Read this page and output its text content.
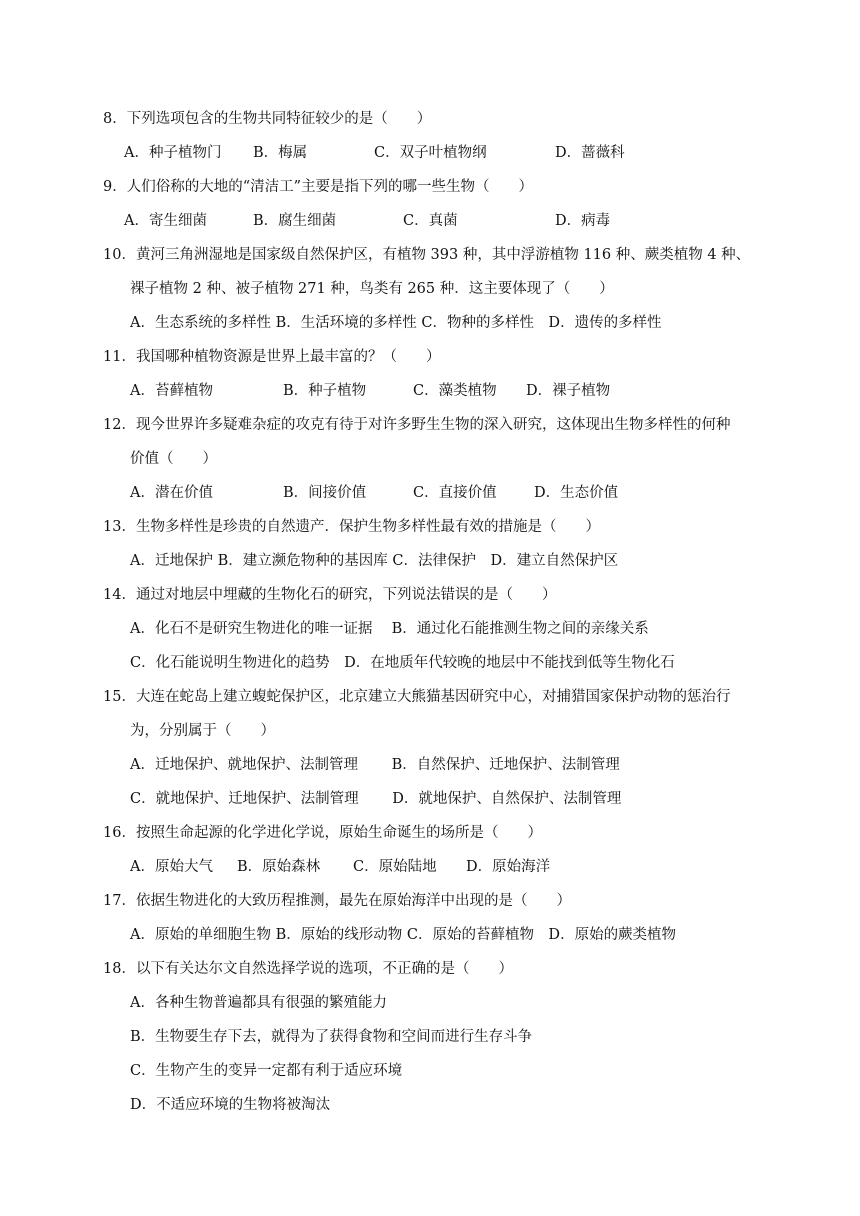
8．下列选项包含的生物共同特征较少的是（　　）
A．种子植物门 B．梅属	C．双子叶植物纲	D．蔷薇科
9．人们俗称的大地的“清洁工”主要是指下列的哪一些生物（　　）
A．寄生细菌	B．腐生细菌	C．真菌	D．病毒
10．黄河三角洲湿地是国家级自然保护区，有植物 393 种，其中浮游植物 116 种、蕨类植物 4 种、
裸子植物 2 种、被子植物 271 种，鸟类有 265 种．这主要体现了（　　）
A．生态系统的多样性 B．生活环境的多样性 C．物种的多样性　D．遗传的多样性
11．我国哪种植物资源是世界上最丰富的？（　　）
A．苔藓植物	B．种子植物	C．藻类植物 D．裸子植物
12．现今世界许多疑难杂症的攻克有待于对许多野生生物的深入研究，这体现出生物多样性的何种
价值（　　）
A．潜在价值	B．间接价值	C．直接价值	D．生态价值
13．生物多样性是珍贵的自然遗产．保护生物多样性最有效的措施是（　　）
A．迁地保护 B．建立濒危物种的基因库 C．法律保护　D．建立自然保护区
14．通过对地层中埋藏的生物化石的研究，下列说法错误的是（　　）
A．化石不是研究生物进化的唯一证据　 B．通过化石能推测生物之间的亲缘关系
C．化石能说明生物进化的趋势　D．在地质年代较晚的地层中不能找到低等生物化石
15．大连在蛇岛上建立蝮蛇保护区，北京建立大熊猫基因研究中心，对捕猎国家保护动物的惩治行
为，分别属于（　　）
A．迁地保护、就地保护、法制管理　　 B．自然保护、迁地保护、法制管理
C．就地保护、迁地保护、法制管理　　 D．就地保护、自然保护、法制管理
16．按照生命起源的化学进化学说，原始生命诞生的场所是（　　）
A．原始大气 B．原始森林 C．原始陆地 D．原始海洋
17．依据生物进化的大致历程推测，最先在原始海洋中出现的是（　　）
A．原始的单细胞生物 B．原始的线形动物 C．原始的苔藓植物　D．原始的蕨类植物
18．以下有关达尔文自然选择学说的选项，不正确的是（　　）
A．各种生物普遍都具有很强的繁殖能力
B．生物要生存下去，就得为了获得食物和空间而进行生存斗争
C．生物产生的变异一定都有利于适应环境
D．不适应环境的生物将被淘汰
